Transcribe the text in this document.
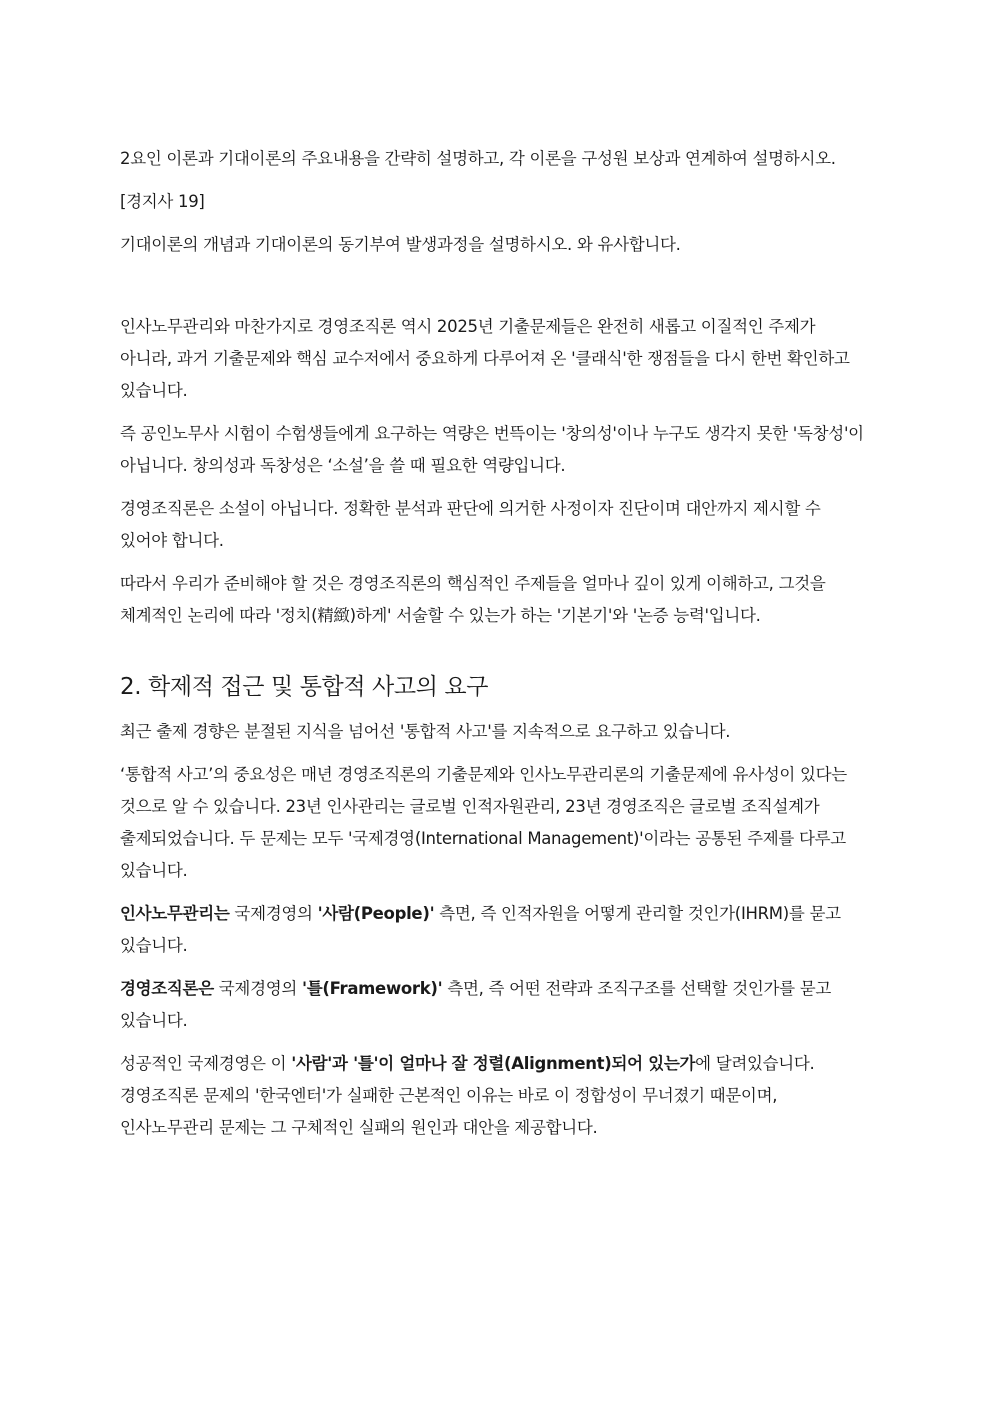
2요인 이론과 기대이론의 주요내용을 간략히 설명하고, 각 이론을 구성원 보상과 연계하여 설명하시오.

[경지사 19]

기대이론의 개념과 기대이론의 동기부여 발생과정을 설명하시오. 와 유사합니다.

인사노무관리와 마찬가지로 경영조직론 역시 2025년 기출문제들은 완전히 새롭고 이질적인 주제가 아니라, 과거 기출문제와 핵심 교수저에서 중요하게 다루어져 온 '클래식'한 쟁점들을 다시 한번 확인하고 있습니다.

즉 공인노무사 시험이 수험생들에게 요구하는 역량은 번뜩이는 '창의성'이나 누구도 생각지 못한 '독창성'이 아닙니다. 창의성과 독창성은 ‘소설’을 쓸 때 필요한 역량입니다.

경영조직론은 소설이 아닙니다. 정확한 분석과 판단에 의거한 사정이자 진단이며 대안까지 제시할 수 있어야 합니다.

따라서 우리가 준비해야 할 것은 경영조직론의 핵심적인 주제들을 얼마나 깊이 있게 이해하고, 그것을 체계적인 논리에 따라 '정치(精緻)하게' 서술할 수 있는가 하는 '기본기'와 '논증 능력'입니다.

2. 학제적 접근 및 통합적 사고의 요구

최근 출제 경향은 분절된 지식을 넘어선 '통합적 사고'를 지속적으로 요구하고 있습니다.

‘통합적 사고’의 중요성은 매년 경영조직론의 기출문제와 인사노무관리론의 기출문제에 유사성이 있다는 것으로 알 수 있습니다. 23년 인사관리는 글로벌 인적자원관리, 23년 경영조직은 글로벌 조직설계가 출제되었습니다. 두 문제는 모두 '국제경영(International Management)'이라는 공통된 주제를 다루고 있습니다.

인사노무관리는 국제경영의 '사람(People)' 측면, 즉 인적자원을 어떻게 관리할 것인가(IHRM)를 묻고 있습니다.

경영조직론은 국제경영의 '틀(Framework)' 측면, 즉 어떤 전략과 조직구조를 선택할 것인가를 묻고 있습니다.

성공적인 국제경영은 이 '사람'과 '틀'이 얼마나 잘 정렬(Alignment)되어 있는가에 달려있습니다. 경영조직론 문제의 '한국엔터'가 실패한 근본적인 이유는 바로 이 정합성이 무너졌기 때문이며, 인사노무관리 문제는 그 구체적인 실패의 원인과 대안을 제공합니다.
